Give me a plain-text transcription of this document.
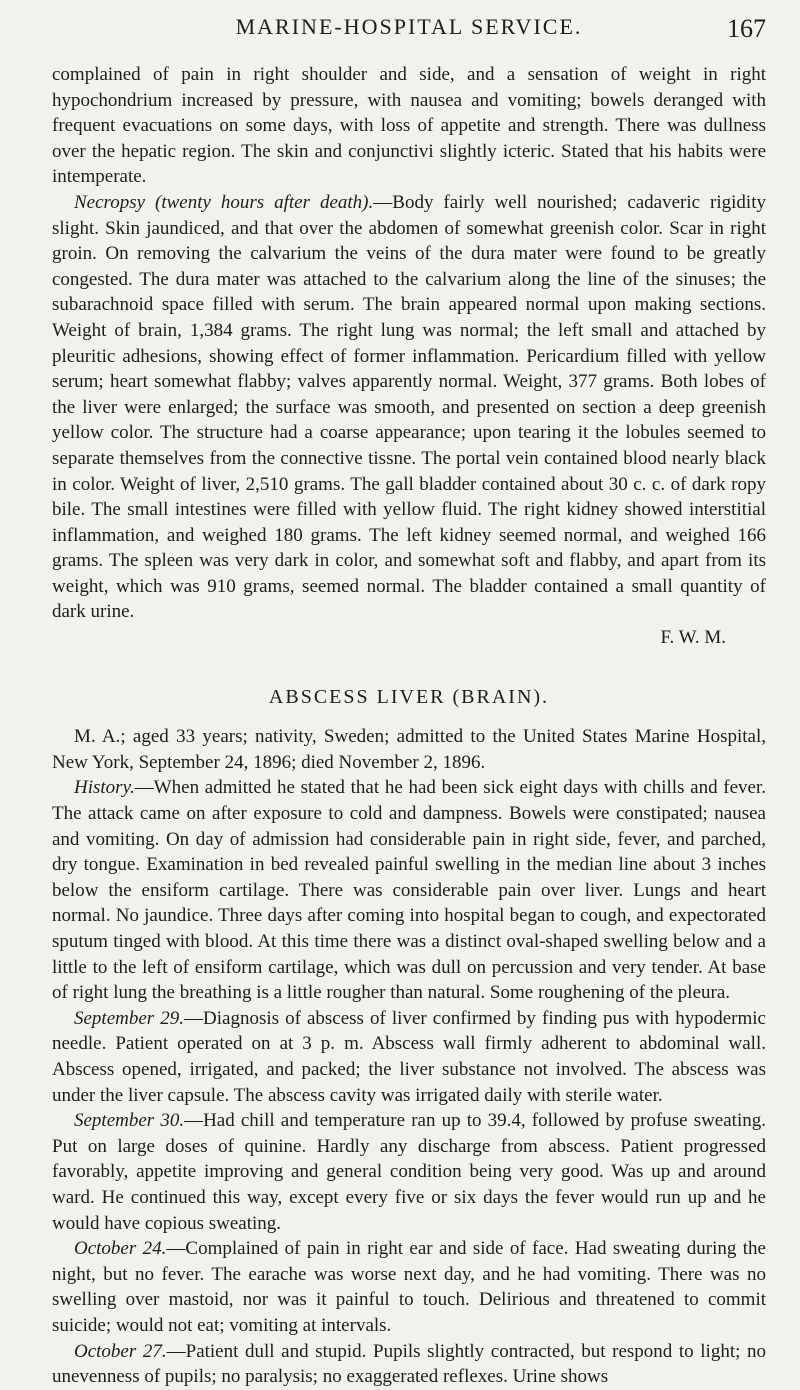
MARINE-HOSPITAL SERVICE.	167

complained of pain in right shoulder and side, and a sensation of weight in right hypochondrium increased by pressure, with nausea and vomiting; bowels deranged with frequent evacuations on some days, with loss of appetite and strength. There was dullness over the hepatic region. The skin and conjunctivi slightly icteric. Stated that his habits were intemperate.

Necropsy (twenty hours after death).—Body fairly well nourished; cadaveric rigidity slight. Skin jaundiced, and that over the abdomen of somewhat greenish color. Scar in right groin. On removing the calvarium the veins of the dura mater were found to be greatly congested. The dura mater was attached to the calvarium along the line of the sinuses; the subarachnoid space filled with serum. The brain appeared normal upon making sections. Weight of brain, 1,384 grams. The right lung was normal; the left small and attached by pleuritic adhesions, showing effect of former inflammation. Pericardium filled with yellow serum; heart somewhat flabby; valves apparently normal. Weight, 377 grams. Both lobes of the liver were enlarged; the surface was smooth, and presented on section a deep greenish yellow color. The structure had a coarse appearance; upon tearing it the lobules seemed to separate themselves from the connective tissne. The portal vein contained blood nearly black in color. Weight of liver, 2,510 grams. The gall bladder contained about 30 c. c. of dark ropy bile. The small intestines were filled with yellow fluid. The right kidney showed interstitial inflammation, and weighed 180 grams. The left kidney seemed normal, and weighed 166 grams. The spleen was very dark in color, and somewhat soft and flabby, and apart from its weight, which was 910 grams, seemed normal. The bladder contained a small quantity of dark urine.

F. W. M.

ABSCESS LIVER (BRAIN).

M. A.; aged 33 years; nativity, Sweden; admitted to the United States Marine Hospital, New York, September 24, 1896; died November 2, 1896.

History.—When admitted he stated that he had been sick eight days with chills and fever. The attack came on after exposure to cold and dampness. Bowels were constipated; nausea and vomiting. On day of admission had considerable pain in right side, fever, and parched, dry tongue. Examination in bed revealed painful swelling in the median line about 3 inches below the ensiform cartilage. There was considerable pain over liver. Lungs and heart normal. No jaundice. Three days after coming into hospital began to cough, and expectorated sputum tinged with blood. At this time there was a distinct oval-shaped swelling below and a little to the left of ensiform cartilage, which was dull on percussion and very tender. At base of right lung the breathing is a little rougher than natural. Some roughening of the pleura.

September 29.—Diagnosis of abscess of liver confirmed by finding pus with hypodermic needle. Patient operated on at 3 p. m. Abscess wall firmly adherent to abdominal wall. Abscess opened, irrigated, and packed; the liver substance not involved. The abscess was under the liver capsule. The abscess cavity was irrigated daily with sterile water.

September 30.—Had chill and temperature ran up to 39.4, followed by profuse sweating. Put on large doses of quinine. Hardly any discharge from abscess. Patient progressed favorably, appetite improving and general condition being very good. Was up and around ward. He continued this way, except every five or six days the fever would run up and he would have copious sweating.

October 24.—Complained of pain in right ear and side of face. Had sweating during the night, but no fever. The earache was worse next day, and he had vomiting. There was no swelling over mastoid, nor was it painful to touch. Delirious and threatened to commit suicide; would not eat; vomiting at intervals.

October 27.—Patient dull and stupid. Pupils slightly contracted, but respond to light; no unevenness of pupils; no paralysis; no exaggerated reflexes. Urine shows
